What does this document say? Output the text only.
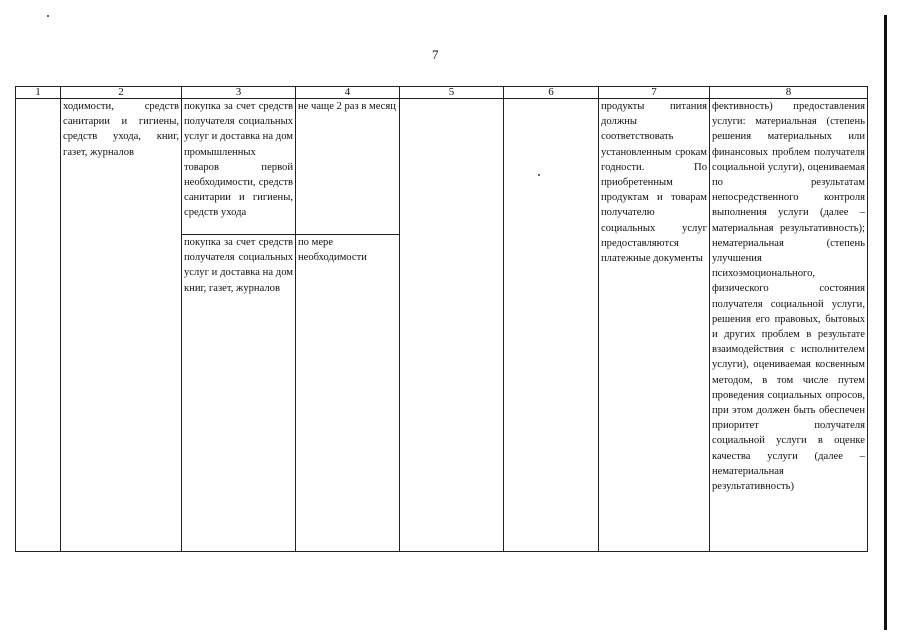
7
1	2	3	4	5	6	7	8
	ходимости, средств санитарии и гигиены, средств ухода, книг, газет, журналов	покупка за счет средств получателя социальных услуг и доставка на дом промышленных товаров первой необходимости, средств санитарии и гигиены, средств ухода	не чаще 2 раз в месяц			продукты питания должны соответствовать установленным срокам годности. По приобретенным продуктам и товарам получателю социальных услуг предоставляются платежные документы	фективность) предоставления услуги: материальная (степень решения материальных или финансовых проблем получателя социальной услуги), оцениваемая по результатам непосредственного контроля выполнения услуги (далее – материальная результативность); нематериальная (степень улучшения психоэмоционального, физического состояния получателя социальной услуги, решения его правовых, бытовых и других проблем в результате взаимодействия с исполнителем услуги), оцениваемая косвенным методом, в том числе путем проведения социальных опросов, при этом должен быть обеспечен приоритет получателя социальной услуги в оценке качества услуги (далее – нематериальная результативность)
		покупка за счет средств получателя социальных услуг и доставка на дом книг, газет, журналов	по мере необходимости				
